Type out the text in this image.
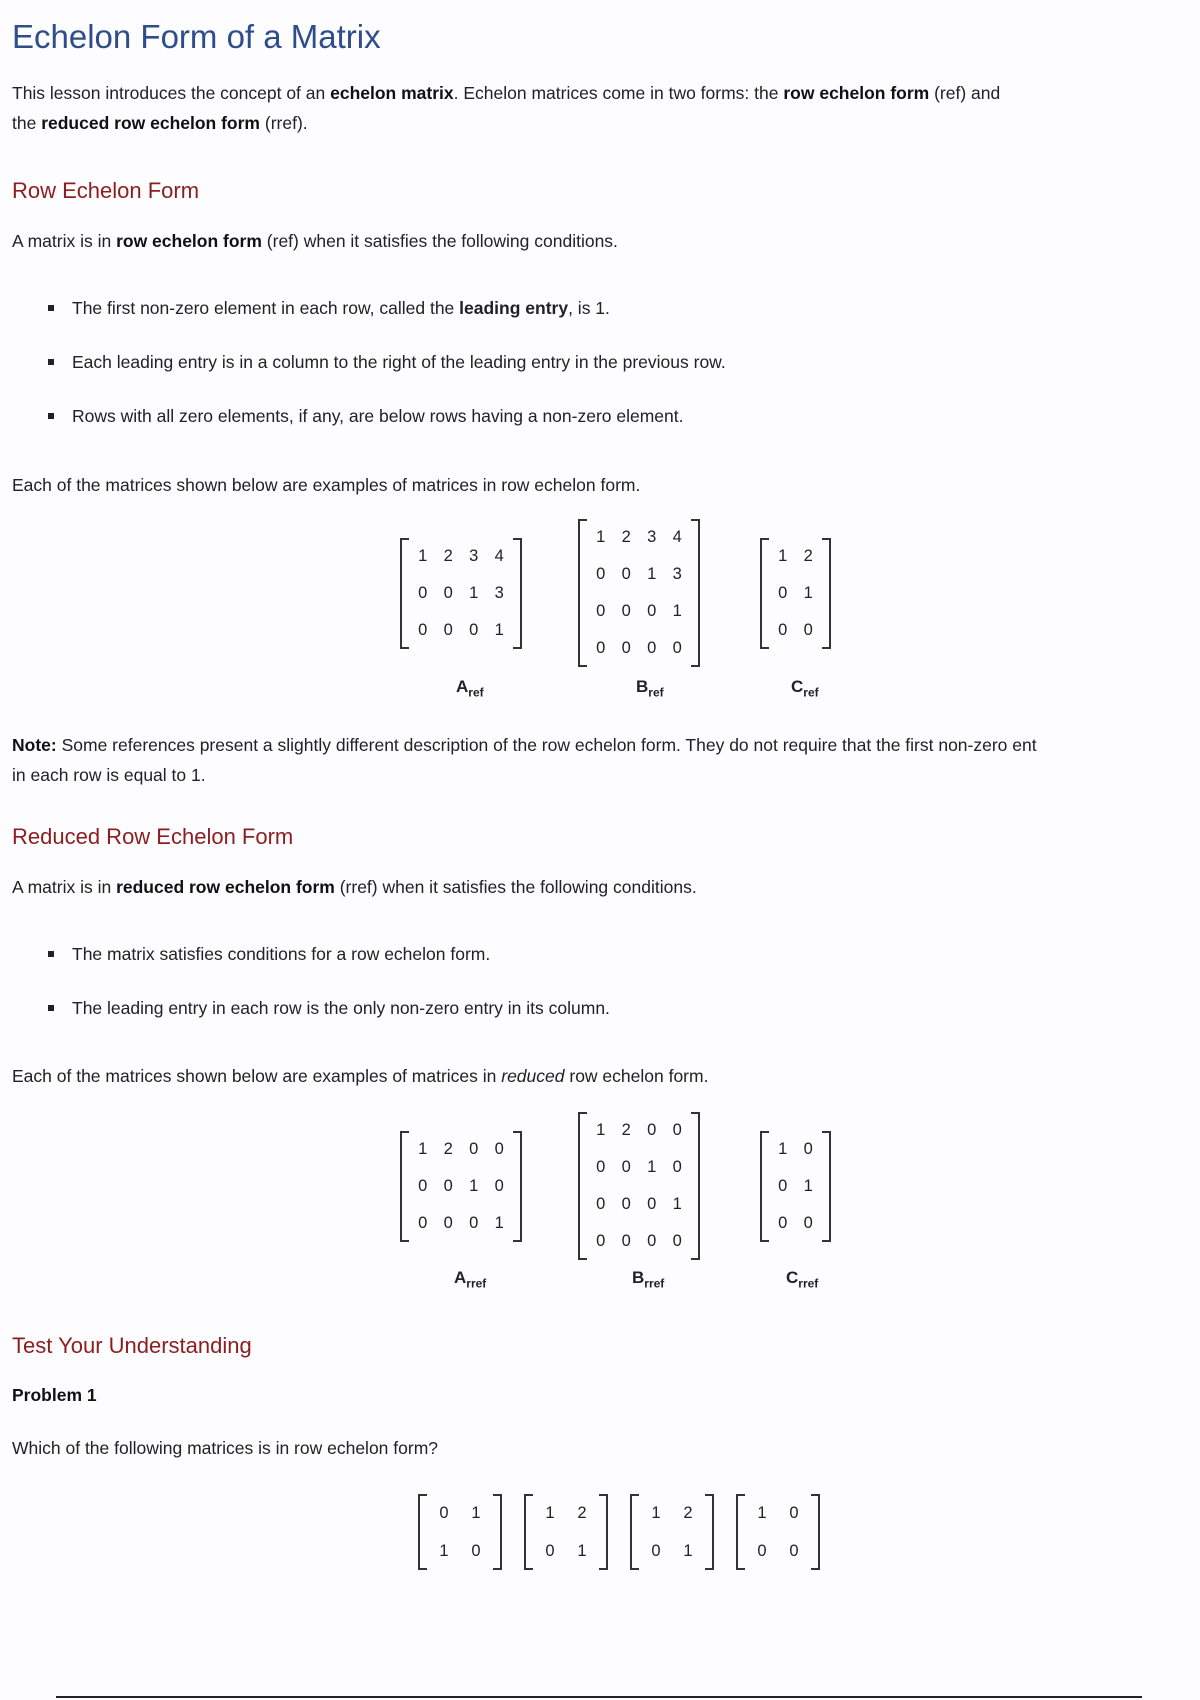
Echelon Form of a Matrix

This lesson introduces the concept of an echelon matrix. Echelon matrices come in two forms: the row echelon form (ref) and
the reduced row echelon form (rref).

Row Echelon Form

A matrix is in row echelon form (ref) when it satisfies the following conditions.

The first non-zero element in each row, called the leading entry, is 1.
Each leading entry is in a column to the right of the leading entry in the previous row.
Rows with all zero elements, if any, are below rows having a non-zero element.

Each of the matrices shown below are examples of matrices in row echelon form.

1	2	3	4
0	0	1	3
0	0	0	1
$A_{ref}$
1	2	3	4
0	0	1	3
0	0	0	1
0	0	0	0
$B_{ref}$
1	2
0	1
0	0
$C_{ref}$

Note: Some references present a slightly different description of the row echelon form. They do not require that the first non-zero ent
in each row is equal to 1.

Reduced Row Echelon Form

A matrix is in reduced row echelon form (rref) when it satisfies the following conditions.

The matrix satisfies conditions for a row echelon form.
The leading entry in each row is the only non-zero entry in its column.

Each of the matrices shown below are examples of matrices in reduced row echelon form.

1	2	0	0
0	0	1	0
0	0	0	1
$A_{rref}$
1	2	0	0
0	0	1	0
0	0	0	1
0	0	0	0
$B_{rref}$
1	0
0	1
0	0
$C_{rref}$
Test Your Understanding

Problem 1

Which of the following matrices is in row echelon form?

0	1
1	0
1	2
0	1
1	2
0	1
1	0
0	0
